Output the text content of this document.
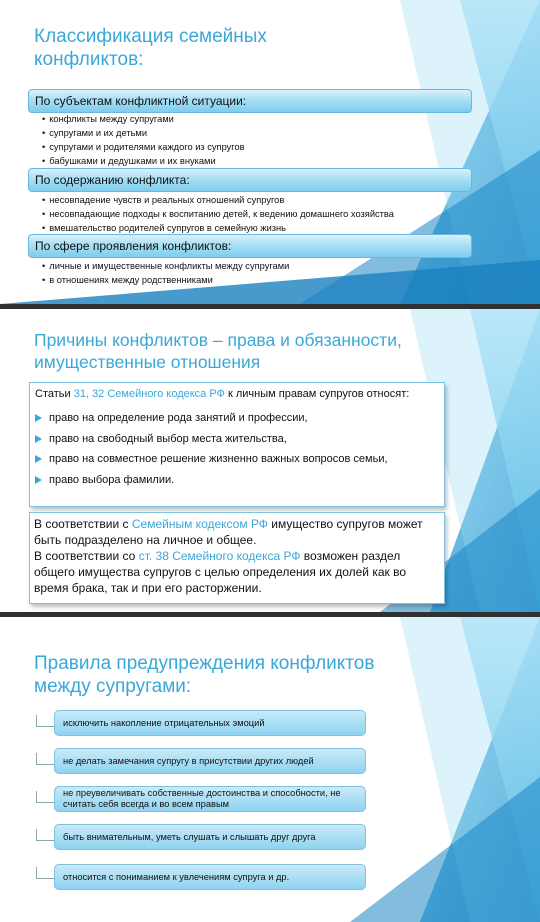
Классификация семейных конфликтов:
По субъектам конфликтной ситуации:
• конфликты между супругами
• супругами и их детьми
• супругами и родителями каждого из супругов
• бабушками и дедушками и их внуками
По содержанию конфликта:
• несовпадение чувств и реальных отношений супругов
• несовпадающие подходы к воспитанию детей, к ведению домашнего хозяйства
• вмешательство родителей супругов в семейную жизнь
По сфере проявления конфликтов:
• личные и имущественные конфликты между супругами
• в отношениях между родственниками
Причины конфликтов – права и обязанности, имущественные отношения

Статьи 31, 32 Семейного кодекса РФ к личным правам супругов относят:

право на определение рода занятий и профессии,
право на свободный выбор места жительства,
право на совместное решение жизненно важных вопросов семьи,
право выбора фамилии.

В соответствии с Семейным кодексом РФ имущество супругов может быть подразделено на личное и общее.

В соответствии со ст. 38 Семейного кодекса РФ возможен раздел общего имущества супругов с целью определения их долей как во время брака, так и при его расторжении.

Правила предупреждения конфликтов между супругами:
исключить накопление отрицательных эмоций
не делать замечания супругу в присутствии других людей
не преувеличивать собственные достоинства и способности, не считать себя всегда и во всем правым
быть внимательным, уметь слушать и слышать друг друга
относится с пониманием к увлечениям супруга и др.
